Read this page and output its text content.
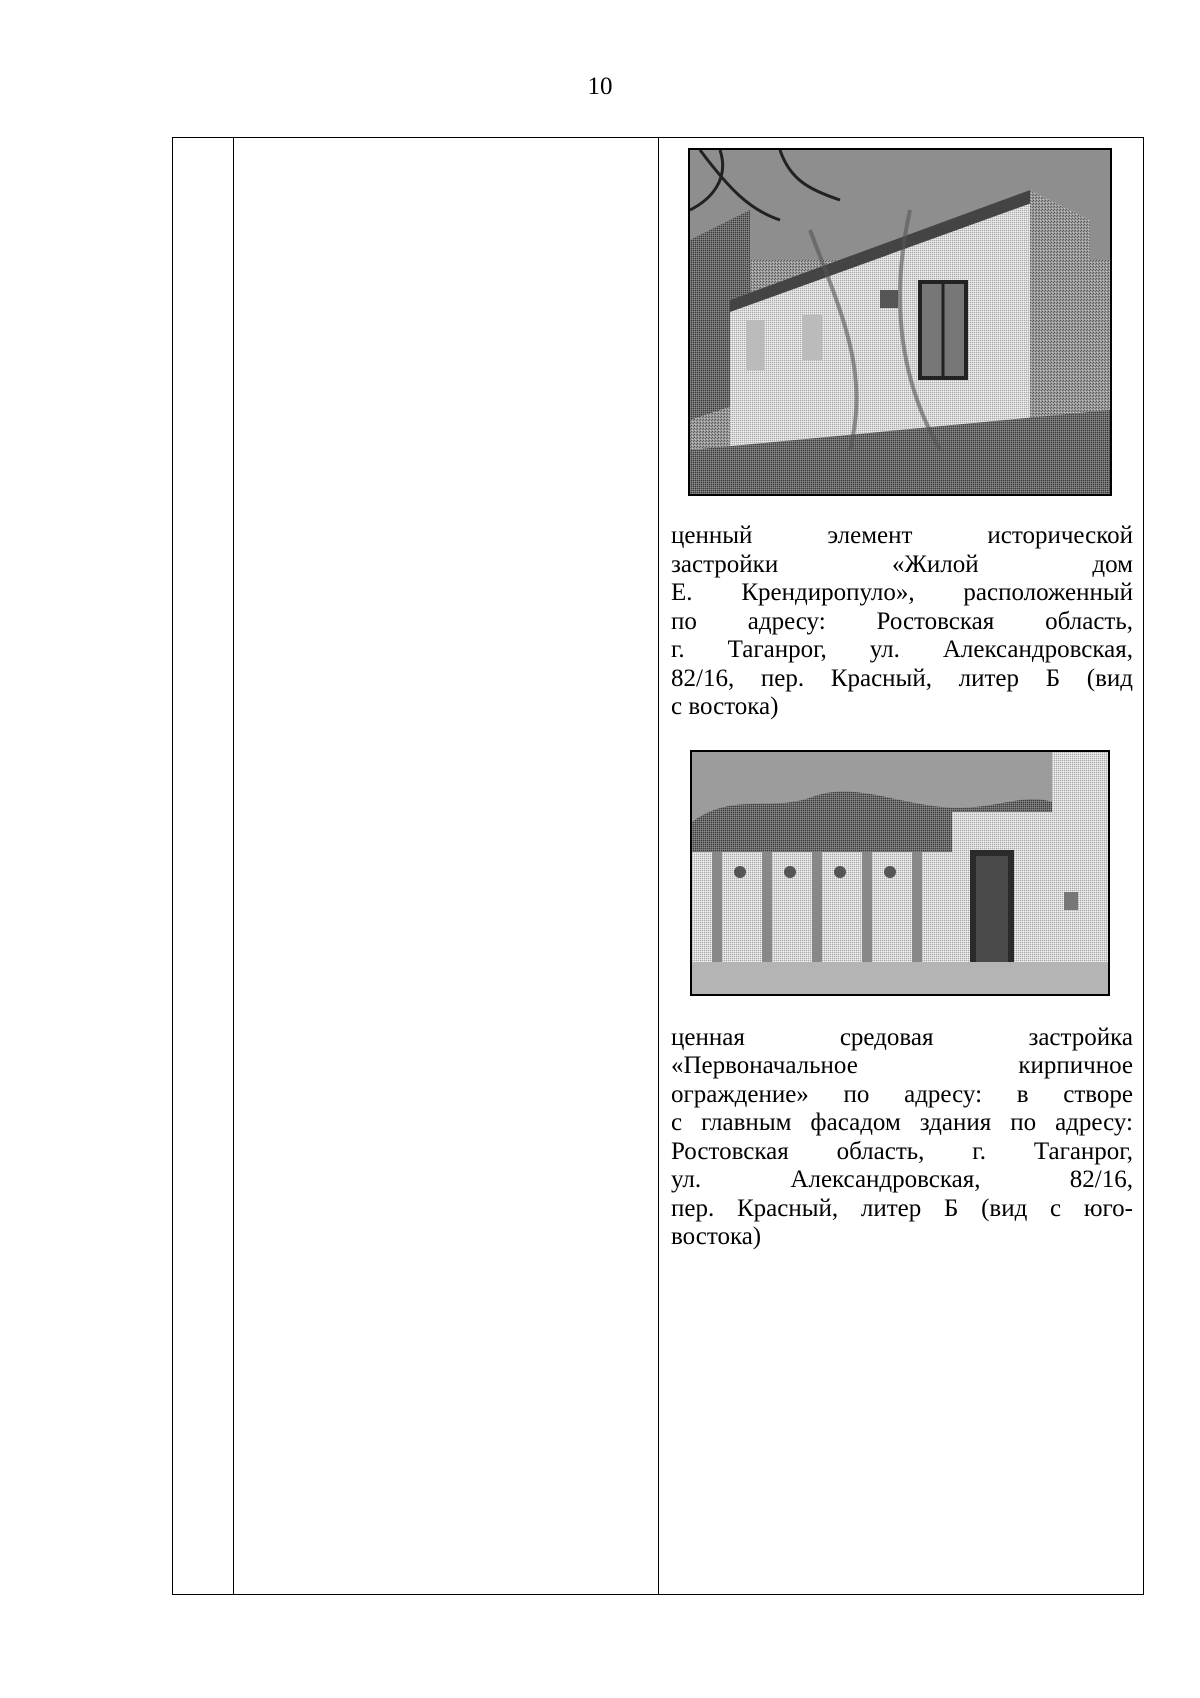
10

ценный элемент исторической
застройки «Жилой дом
Е. Крендиропуло», расположенный
по адресу: Ростовская область,
г. Таганрог, ул. Александровская,
82/16, пер. Красный, литер Б (вид
с востока)

ценная средовая застройка
«Первоначальное кирпичное
ограждение» по адресу: в створе
с главным фасадом здания по адресу:
Ростовская область, г. Таганрог,
ул. Александровская, 82/16,
пер. Красный, литер Б (вид с юго-
востока)
